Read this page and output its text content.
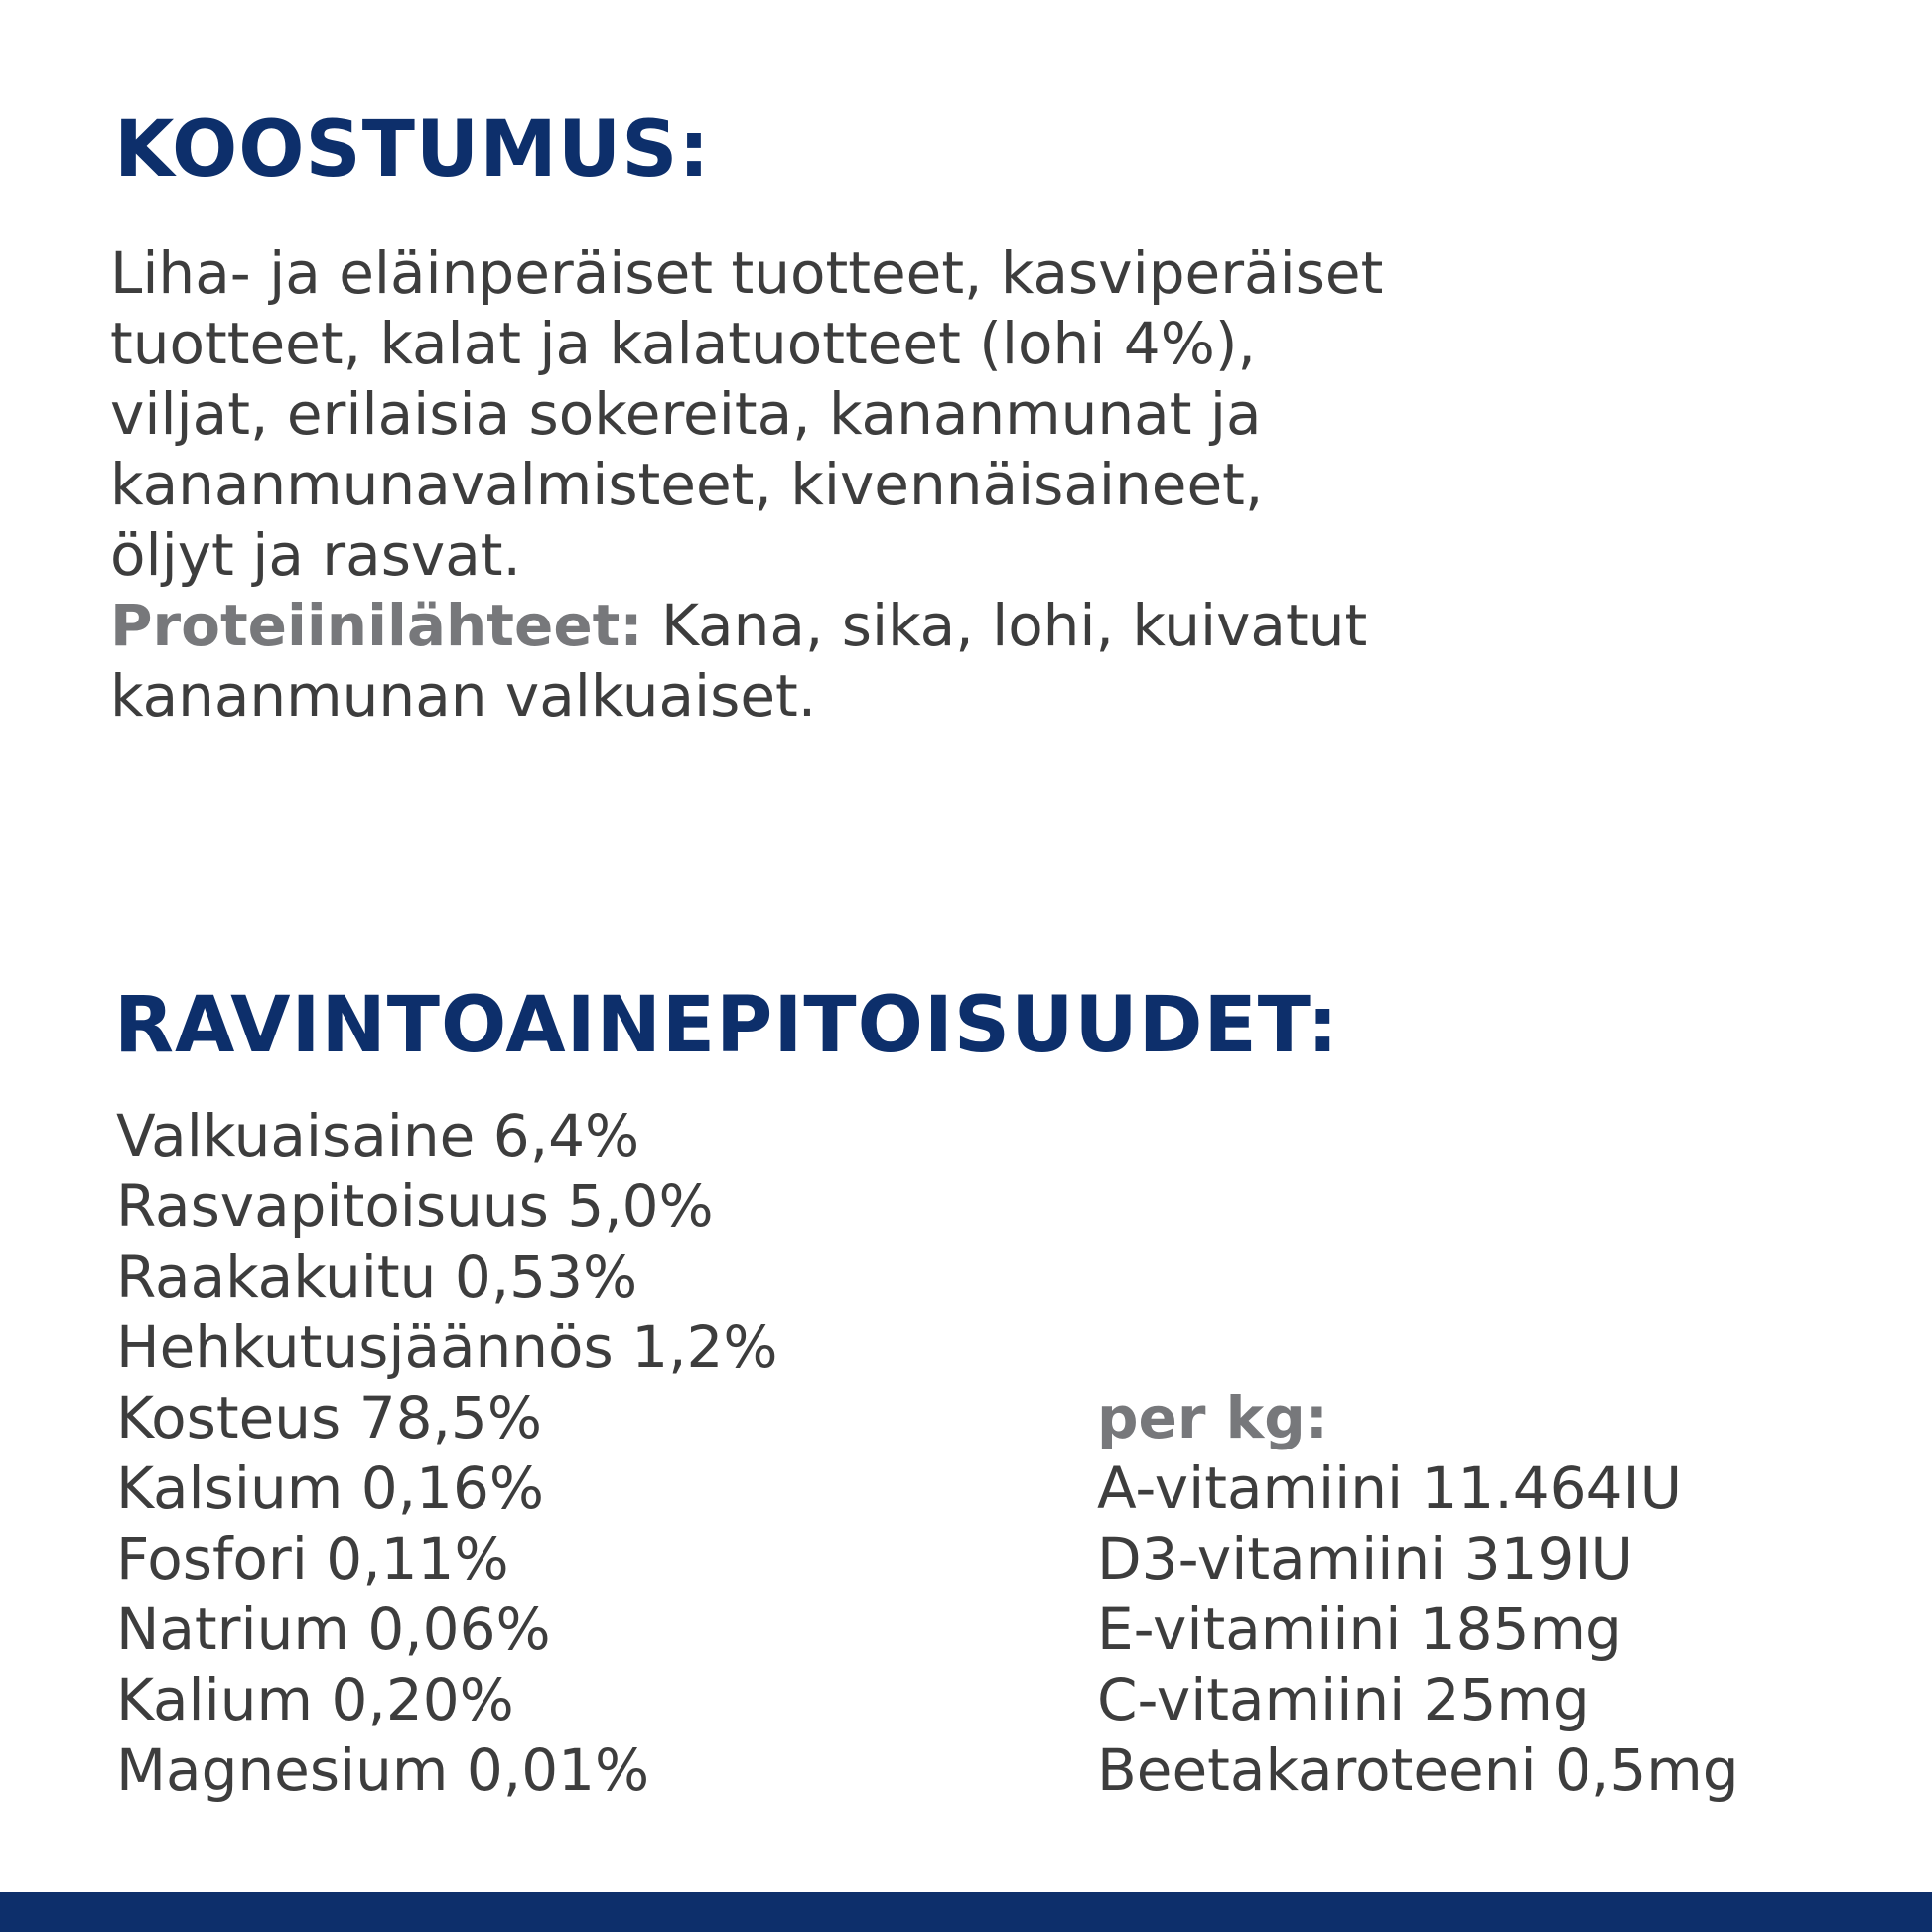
KOOSTUMUS:
Liha- ja eläinperäiset tuotteet, kasviperäiset
tuotteet, kalat ja kalatuotteet (lohi 4%),
viljat, erilaisia sokereita, kananmunat ja
kananmunavalmisteet, kivennäisaineet,
öljyt ja rasvat.
Proteiinilähteet: Kana, sika, lohi, kuivatut
kananmunan valkuaiset.
RAVINTOAINEPITOISUUDET:
Valkuaisaine 6,4%
Rasvapitoisuus 5,0%
Raakakuitu 0,53%
Hehkutusjäännös 1,2%
Kosteus 78,5%
Kalsium 0,16%
Fosfori 0,11%
Natrium 0,06%
Kalium 0,20%
Magnesium 0,01%
per kg:
A-vitamiini 11.464IU
D3-vitamiini 319IU
E-vitamiini 185mg
C-vitamiini 25mg
Beetakaroteeni 0,5mg
